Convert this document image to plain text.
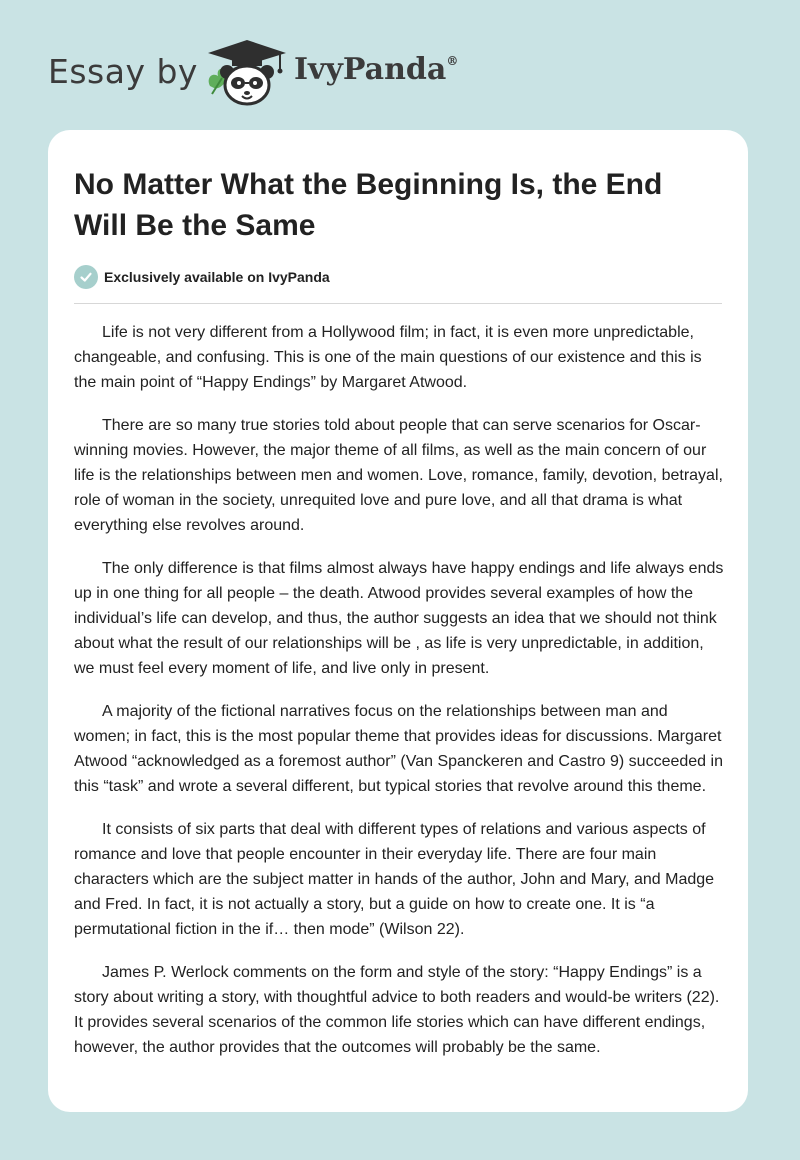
Essay by	IvyPanda®
No Matter What the Beginning Is, the End Will Be the Same
Exclusively available on IvyPanda

Life is not very different from a Hollywood film; in fact, it is even more unpredictable, changeable, and confusing. This is one of the main questions of our existence and this is the main point of “Happy Endings” by Margaret Atwood.

There are so many true stories told about people that can serve scenarios for Oscar-winning movies. However, the major theme of all films, as well as the main concern of our life is the relationships between men and women. Love, romance, family, devotion, betrayal, role of woman in the society, unrequited love and pure love, and all that drama is what everything else revolves around.

The only difference is that films almost always have happy endings and life always ends up in one thing for all people – the death. Atwood provides several examples of how the individual’s life can develop, and thus, the author suggests an idea that we should not think about what the result of our relationships will be , as life is very unpredictable, in addition, we must feel every moment of life, and live only in present.

A majority of the fictional narratives focus on the relationships between man and women; in fact, this is the most popular theme that provides ideas for discussions. Margaret Atwood “acknowledged as a foremost author” (Van Spanckeren and Castro 9) succeeded in this “task” and wrote a several different, but typical stories that revolve around this theme.

It consists of six parts that deal with different types of relations and various aspects of romance and love that people encounter in their everyday life. There are four main characters which are the subject matter in hands of the author, John and Mary, and Madge and Fred. In fact, it is not actually a story, but a guide on how to create one. It is “a permutational fiction in the if… then mode” (Wilson 22).

James P. Werlock comments on the form and style of the story: “Happy Endings” is a story about writing a story, with thoughtful advice to both readers and would-be writers (22). It provides several scenarios of the common life stories which can have different endings, however, the author provides that the outcomes will probably be the same.
